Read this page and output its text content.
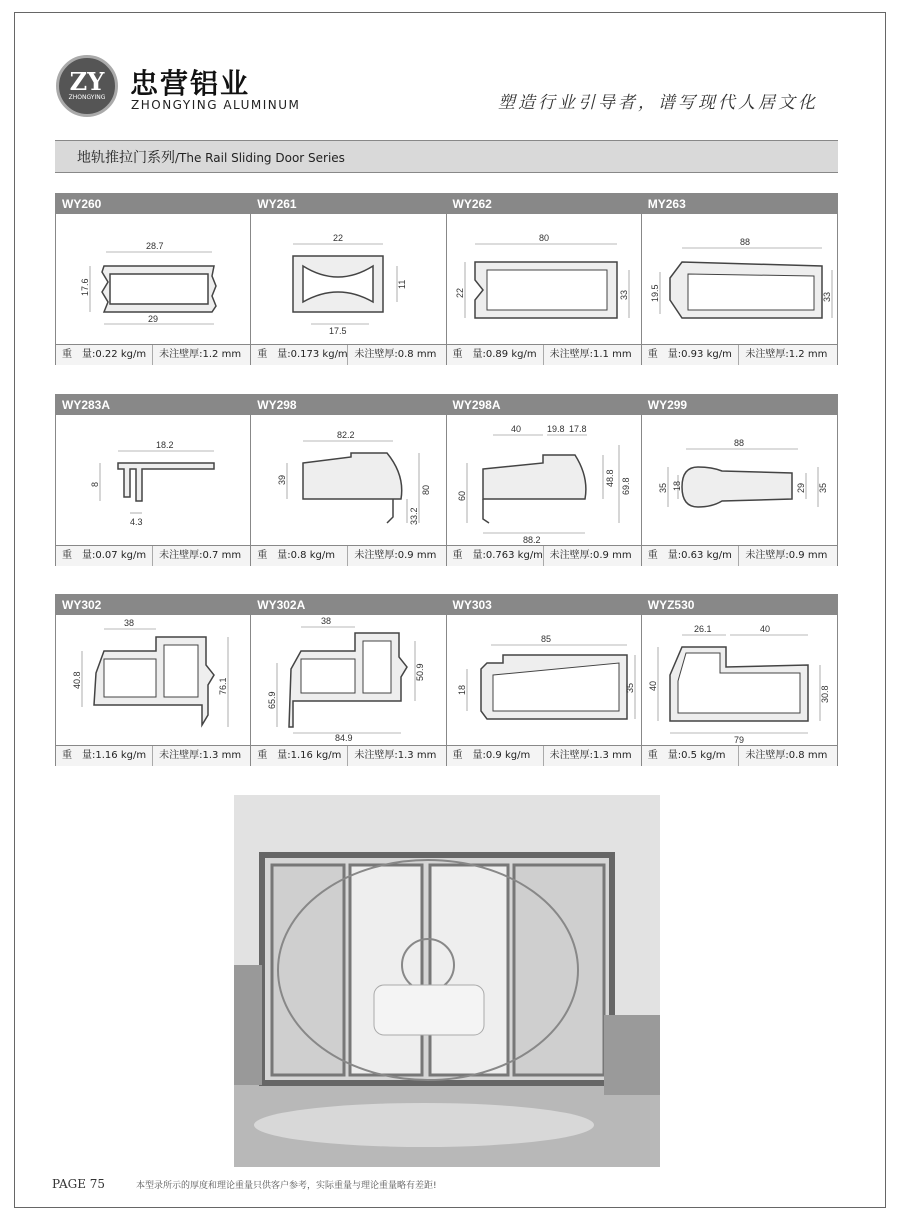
ZY
ZHONGYING 忠营铝业
ZHONGYING ALUMINUM	塑造行业引导者，谱写现代人居文化
地轨推拉门系列/The Rail Sliding Door Series
WY260
28.7
17.6
29
重　量:0.22 kg/m	未注壁厚:1.2 mm
WY261
22
11
17.5
重　量:0.173 kg/m 未注壁厚:0.8 mm
WY262
80
22	33
重　量:0.89 kg/m	未注壁厚:1.1 mm
MY263
88
19.5	33
重　量:0.93 kg/m	未注壁厚:1.2 mm
WY283A
18.2
8
4.3
重　量:0.07 kg/m	未注壁厚:0.7 mm
WY298
82.2
39
80
33.2
重　量:0.8 kg/m	未注壁厚:0.9 mm
WY298A
40	19.8 17.8
60
48.8 69.8
88.2
重　量:0.763 kg/m 未注壁厚:0.9 mm
WY299
88
35 18	29 35
重　量:0.63 kg/m	未注壁厚:0.9 mm
WY302
38
40.8	76.1
重　量:1.16 kg/m	未注壁厚:1.3 mm
WY302A
38
65.9
50.9
84.9
重　量:1.16 kg/m	未注壁厚:1.3 mm
WY303
85
18	35
重　量:0.9 kg/m	未注壁厚:1.3 mm
WYZ530
26.1	40
40	30.8
79
重　量:0.5 kg/m	未注壁厚:0.8 mm
PAGE 75	本型录所示的厚度和理论重量只供客户参考，实际重量与理论重量略有差距!
